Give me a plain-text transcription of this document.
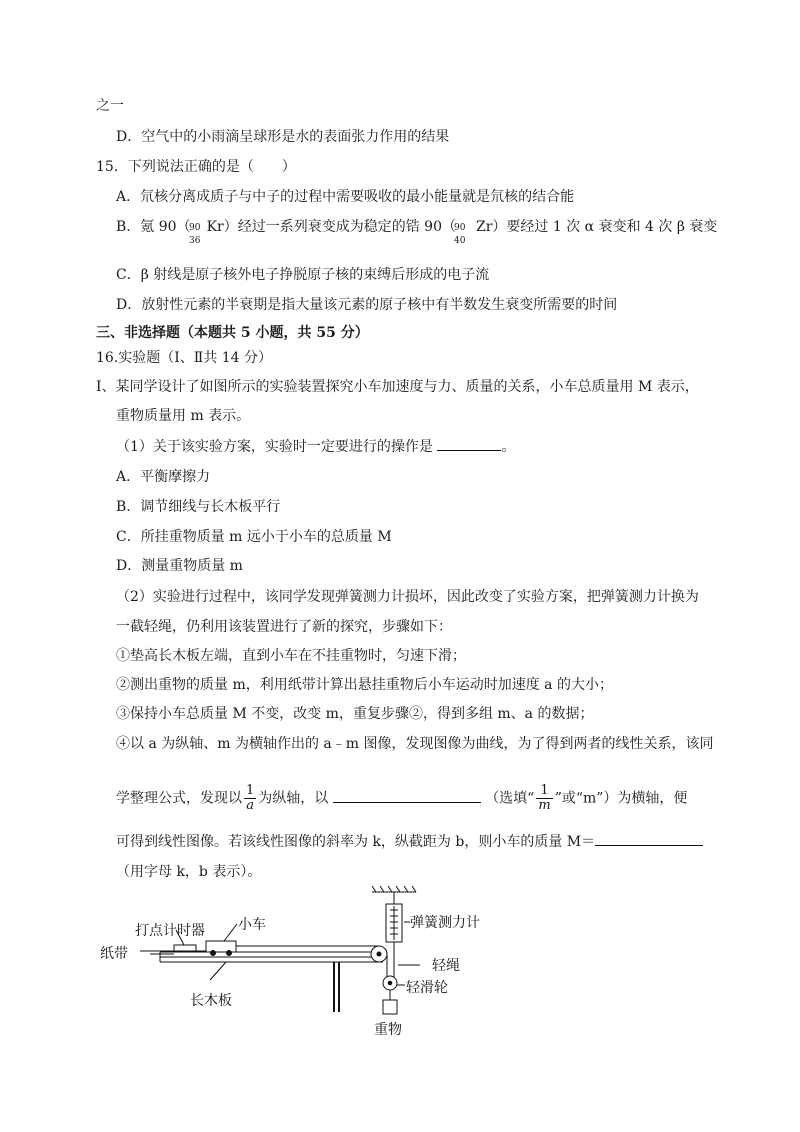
之一
D．空气中的小雨滴呈球形是水的表面张力作用的结果
15．下列说法正确的是（　　）
A．氘核分离成质子与中子的过程中需要吸收的最小能量就是氘核的结合能
B．氪 90（ Kr）经过一系列衰变成为稳定的锆 90（ Zr）要经过 1 次 α 衰变和 4 次 β 衰变
90
36
90
40
C．β 射线是原子核外电子挣脱原子核的束缚后形成的电子流
D．放射性元素的半衰期是指大量该元素的原子核中有半数发生衰变所需要的时间
三、非选择题（本题共 5 小题，共 55 分）
16.实验题（Ⅰ、Ⅱ共 14 分）
Ⅰ、某同学设计了如图所示的实验装置探究小车加速度与力、质量的关系，小车总质量用 M 表示，
重物质量用 m 表示。
（1）关于该实验方案，实验时一定要进行的操作是	。
A．平衡摩擦力
B．调节细线与长木板平行
C．所挂重物质量 m 远小于小车的总质量 M
D．测量重物质量 m
（2）实验进行过程中，该同学发现弹簧测力计损坏，因此改变了实验方案，把弹簧测力计换为
一截轻绳，仍利用该装置进行了新的探究，步骤如下：
①垫高长木板左端，直到小车在不挂重物时，匀速下滑；
②测出重物的质量 m，利用纸带计算出悬挂重物后小车运动时加速度 a 的大小；
③保持小车总质量 M 不变，改变 m，重复步骤②，得到多组 m、a 的数据；
④以 a 为纵轴、m 为横轴作出的 a﹣m 图像，发现图像为曲线，为了得到两者的线性关系，该同
学整理公式，发现以 $\frac{1}{a}$ 为纵轴，以	（选填“ $\frac{1}{m}$ ”或“m”）为横轴，便
可得到线性图像。若该线性图像的斜率为 k，纵截距为 b，则小车的质量 M＝
（用字母 k，b 表示）。
打点计时器 小车
纸带
长木板
弹簧测力计
轻绳
轻滑轮
重物
